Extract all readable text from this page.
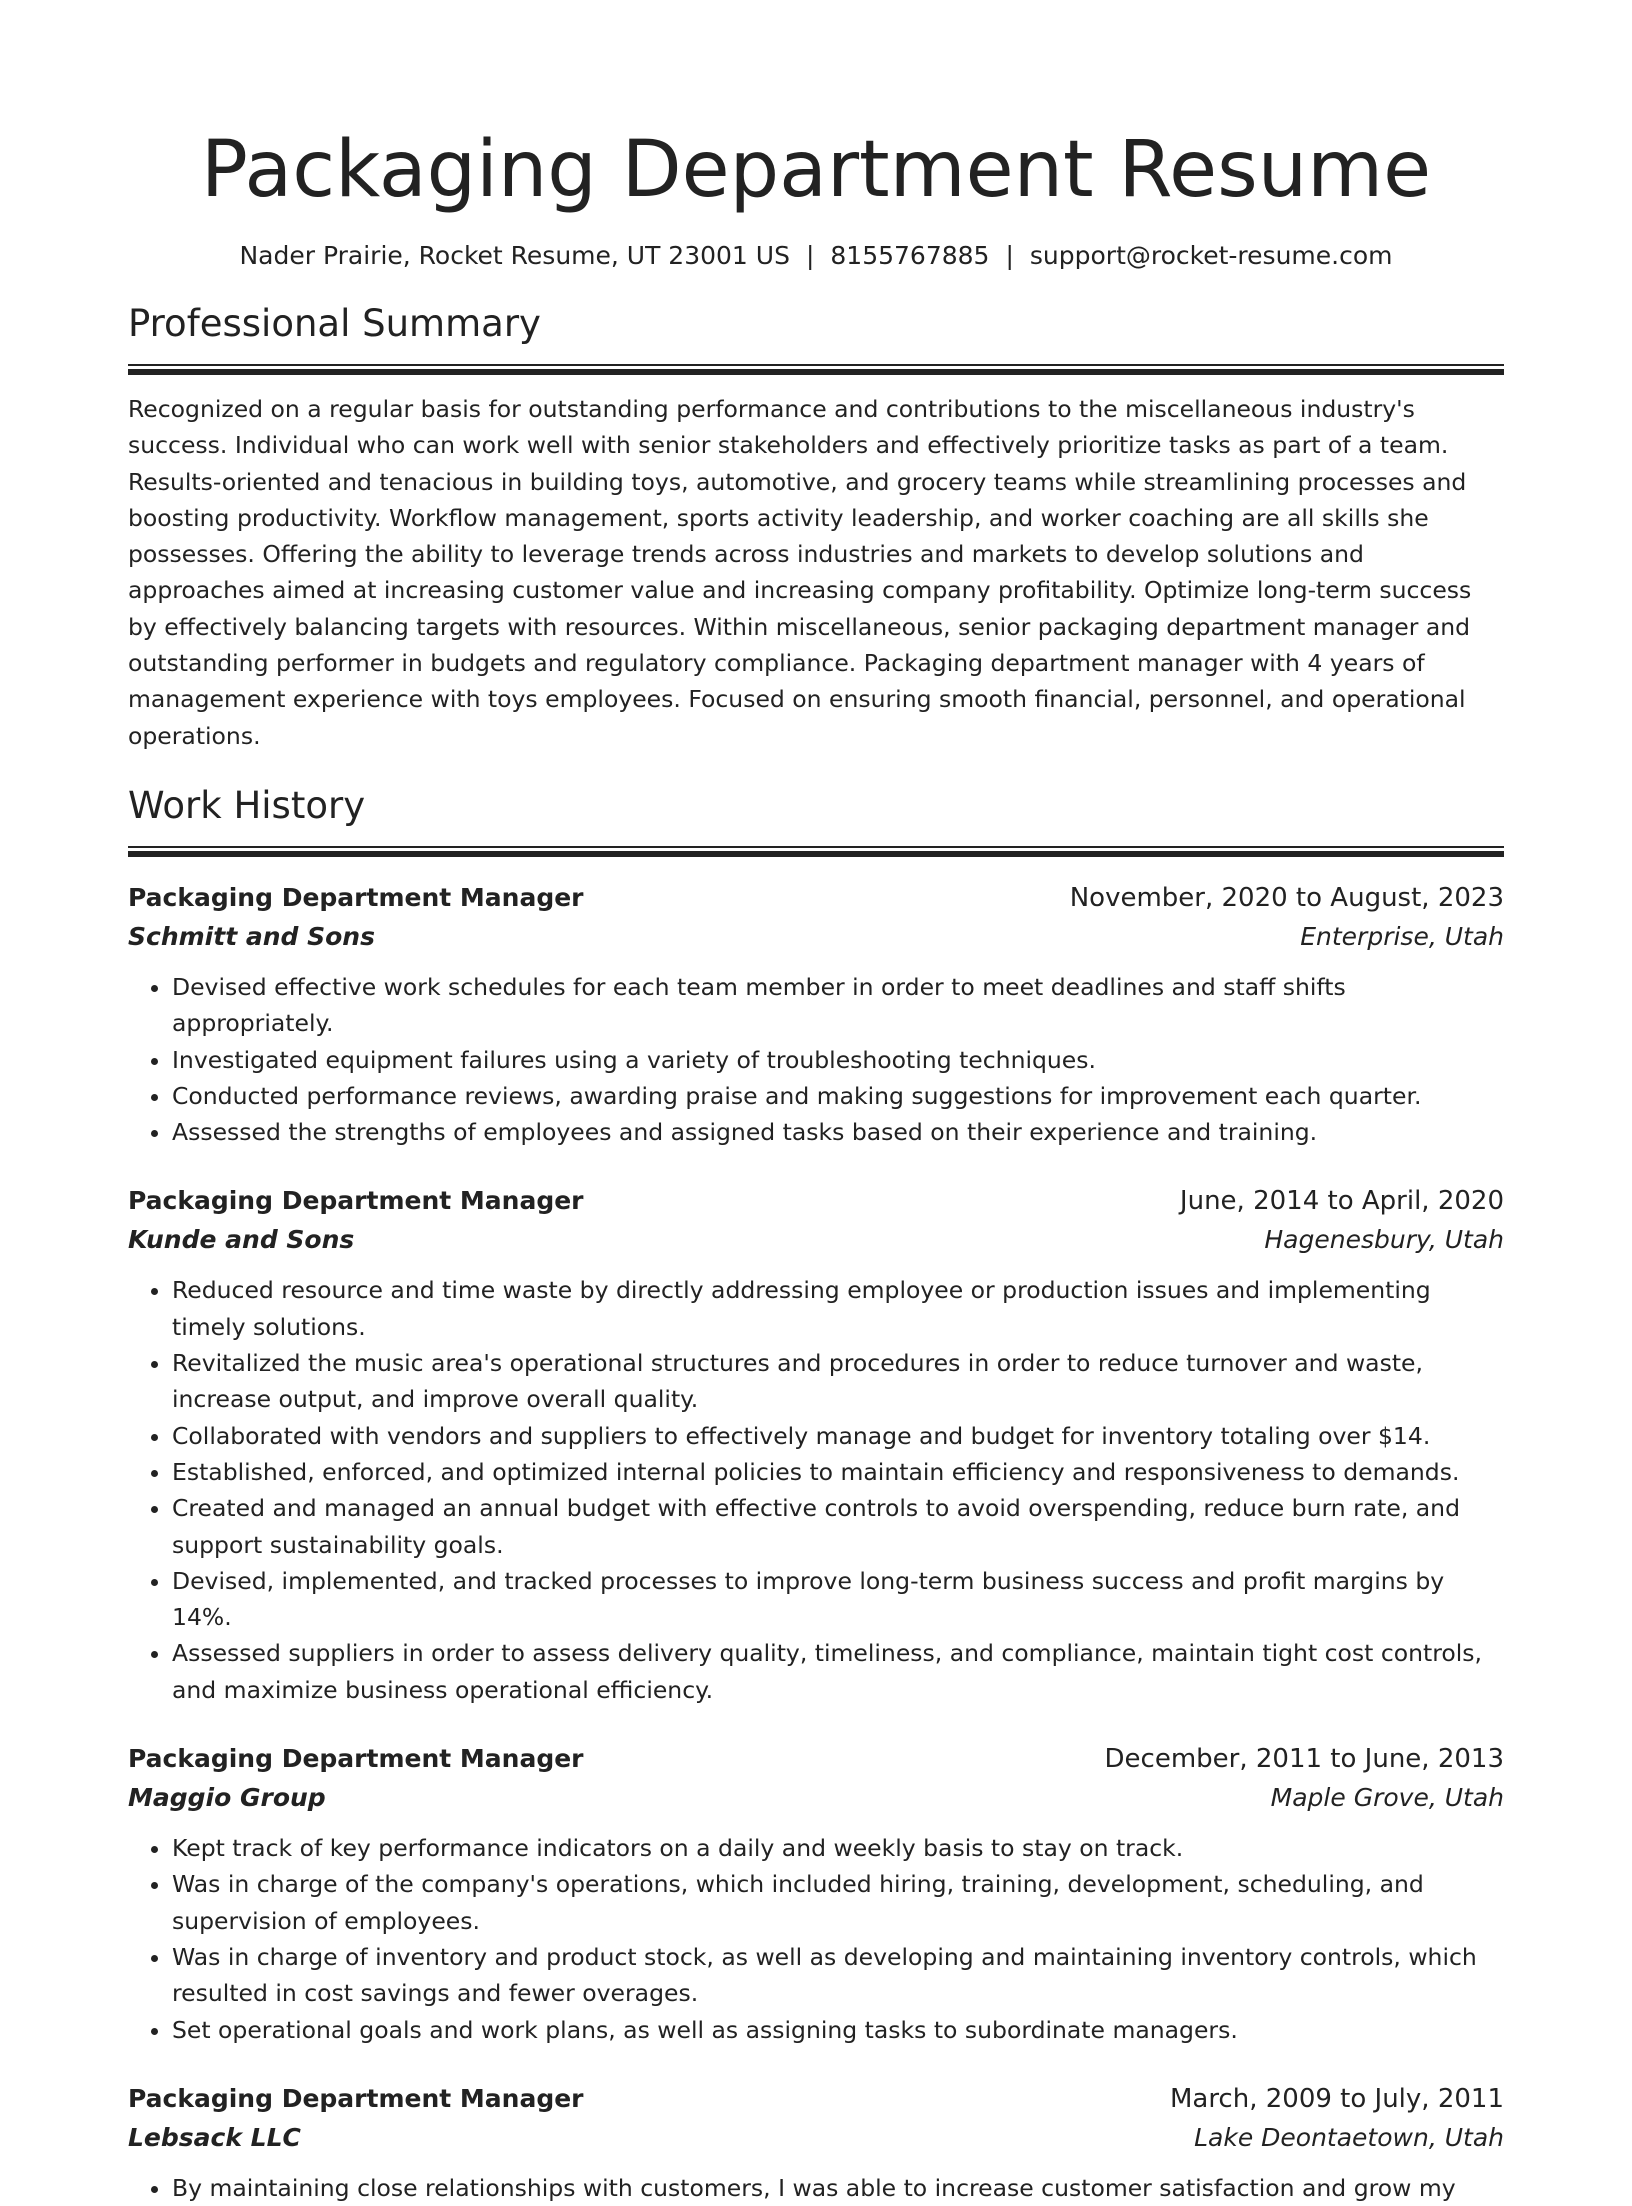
Packaging Department Resume
Nader Prairie, Rocket Resume, UT 23001 US | 8155767885 | support@rocket-resume.com
Professional Summary

Recognized on a regular basis for outstanding performance and contributions to the miscellaneous industry's success. Individual who can work well with senior stakeholders and effectively prioritize tasks as part of a team. Results-oriented and tenacious in building toys, automotive, and grocery teams while streamlining processes and boosting productivity. Workflow management, sports activity leadership, and worker coaching are all skills she possesses. Offering the ability to leverage trends across industries and markets to develop solutions and approaches aimed at increasing customer value and increasing company profitability. Optimize long-term success by effectively balancing targets with resources. Within miscellaneous, senior packaging department manager and outstanding performer in budgets and regulatory compliance. Packaging department manager with 4 years of management experience with toys employees. Focused on ensuring smooth financial, personnel, and operational operations.

Work History
Packaging Department Manager	November, 2020 to August, 2023
Schmitt and Sons	Enterprise, Utah
• Devised effective work schedules for each team member in order to meet deadlines and staff shifts appropriately.
• Investigated equipment failures using a variety of troubleshooting techniques.
• Conducted performance reviews, awarding praise and making suggestions for improvement each quarter.
• Assessed the strengths of employees and assigned tasks based on their experience and training.
Packaging Department Manager	June, 2014 to April, 2020
Kunde and Sons	Hagenesbury, Utah
• Reduced resource and time waste by directly addressing employee or production issues and implementing timely solutions.
• Revitalized the music area's operational structures and procedures in order to reduce turnover and waste, increase output, and improve overall quality.
• Collaborated with vendors and suppliers to effectively manage and budget for inventory totaling over $14.
• Established, enforced, and optimized internal policies to maintain efficiency and responsiveness to demands.
• Created and managed an annual budget with effective controls to avoid overspending, reduce burn rate, and support sustainability goals.
• Devised, implemented, and tracked processes to improve long-term business success and profit margins by 14%.
• Assessed suppliers in order to assess delivery quality, timeliness, and compliance, maintain tight cost controls, and maximize business operational efficiency.
Packaging Department Manager	December, 2011 to June, 2013
Maggio Group	Maple Grove, Utah
• Kept track of key performance indicators on a daily and weekly basis to stay on track.
• Was in charge of the company's operations, which included hiring, training, development, scheduling, and supervision of employees.
• Was in charge of inventory and product stock, as well as developing and maintaining inventory controls, which resulted in cost savings and fewer overages.
• Set operational goals and work plans, as well as assigning tasks to subordinate managers.
Packaging Department Manager	March, 2009 to July, 2011
Lebsack LLC	Lake Deontaetown, Utah
• By maintaining close relationships with customers, I was able to increase customer satisfaction and grow my
